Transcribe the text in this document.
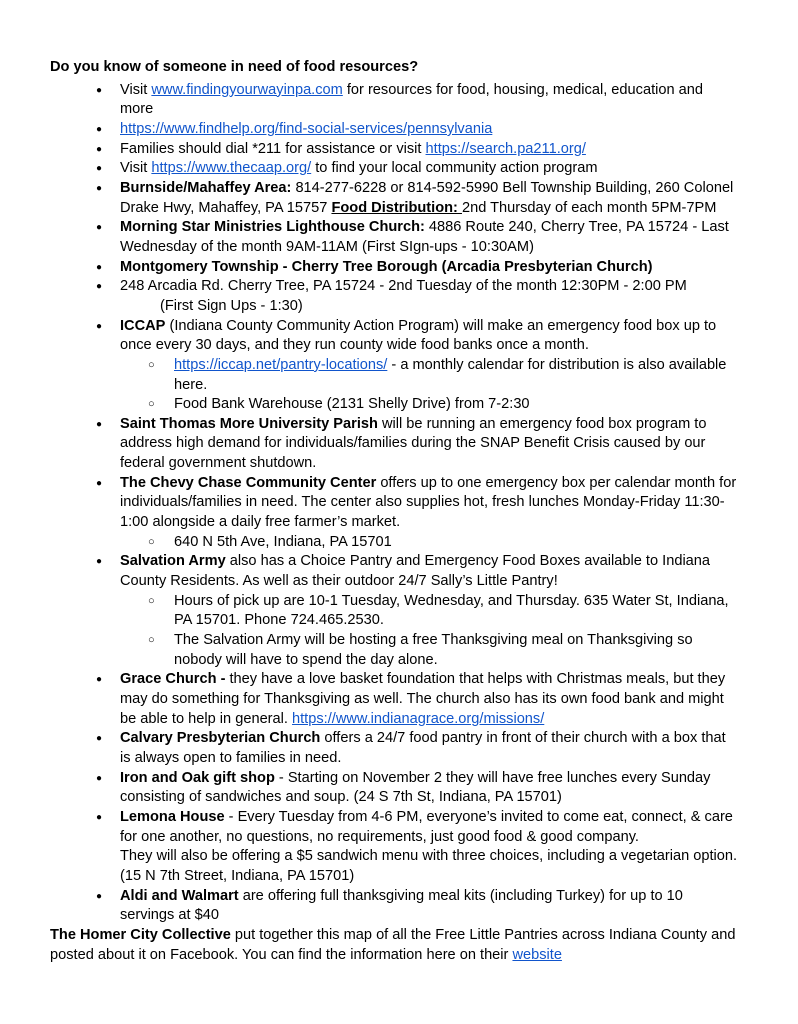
Do you know of someone in need of food resources?
● Visit www.findingyourwayinpa.com for resources for food, housing, medical, education and more
● https://www.findhelp.org/find-social-services/pennsylvania
● Families should dial *211 for assistance or visit https://search.pa211.org/
● Visit https://www.thecaap.org/ to find your local community action program
● Burnside/Mahaffey Area: 814-277-6228 or 814-592-5990 Bell Township Building, 260 Colonel Drake Hwy, Mahaffey, PA 15757 Food Distribution: 2nd Thursday of each month 5PM-7PM
● Morning Star Ministries Lighthouse Church: 4886 Route 240, Cherry Tree, PA 15724 - Last Wednesday of the month 9AM-11AM (First SIgn-ups - 10:30AM)
● Montgomery Township - Cherry Tree Borough (Arcadia Presbyterian Church)
● 248 Arcadia Rd. Cherry Tree, PA 15724 - 2nd Tuesday of the month 12:30PM - 2:00 PM
(First Sign Ups - 1:30)
● ICCAP (Indiana County Community Action Program) will make an emergency food box up to once every 30 days, and they run county wide food banks once a month.
○ https://iccap.net/pantry-locations/ - a monthly calendar for distribution is also available here.
○ Food Bank Warehouse (2131 Shelly Drive) from 7-2:30
● Saint Thomas More University Parish will be running an emergency food box program to address high demand for individuals/families during the SNAP Benefit Crisis caused by our federal government shutdown.
● The Chevy Chase Community Center offers up to one emergency box per calendar month for individuals/families in need. The center also supplies hot, fresh lunches Monday-Friday 11:30-1:00 alongside a daily free farmer’s market.
○ 640 N 5th Ave, Indiana, PA 15701
● Salvation Army also has a Choice Pantry and Emergency Food Boxes available to Indiana County Residents. As well as their outdoor 24/7 Sally’s Little Pantry!
○ Hours of pick up are 10-1 Tuesday, Wednesday, and Thursday. 635 Water St, Indiana, PA 15701. Phone 724.465.2530.
○ The Salvation Army will be hosting a free Thanksgiving meal on Thanksgiving so nobody will have to spend the day alone.
● Grace Church - they have a love basket foundation that helps with Christmas meals, but they may do something for Thanksgiving as well. The church also has its own food bank and might be able to help in general. https://www.indianagrace.org/missions/
● Calvary Presbyterian Church offers a 24/7 food pantry in front of their church with a box that is always open to families in need.
● Iron and Oak gift shop - Starting on November 2 they will have free lunches every Sunday consisting of sandwiches and soup. (24 S 7th St, Indiana, PA 15701)
● Lemona House - Every Tuesday from 4-6 PM, everyone’s invited to come eat, connect, & care for one another, no questions, no requirements, just good food & good company.
They will also be offering a $5 sandwich menu with three choices, including a vegetarian option. (15 N 7th Street, Indiana, PA 15701)
● Aldi and Walmart are offering full thanksgiving meal kits (including Turkey) for up to 10 servings at $40
The Homer City Collective put together this map of all the Free Little Pantries across Indiana County and posted about it on Facebook. You can find the information here on their website
